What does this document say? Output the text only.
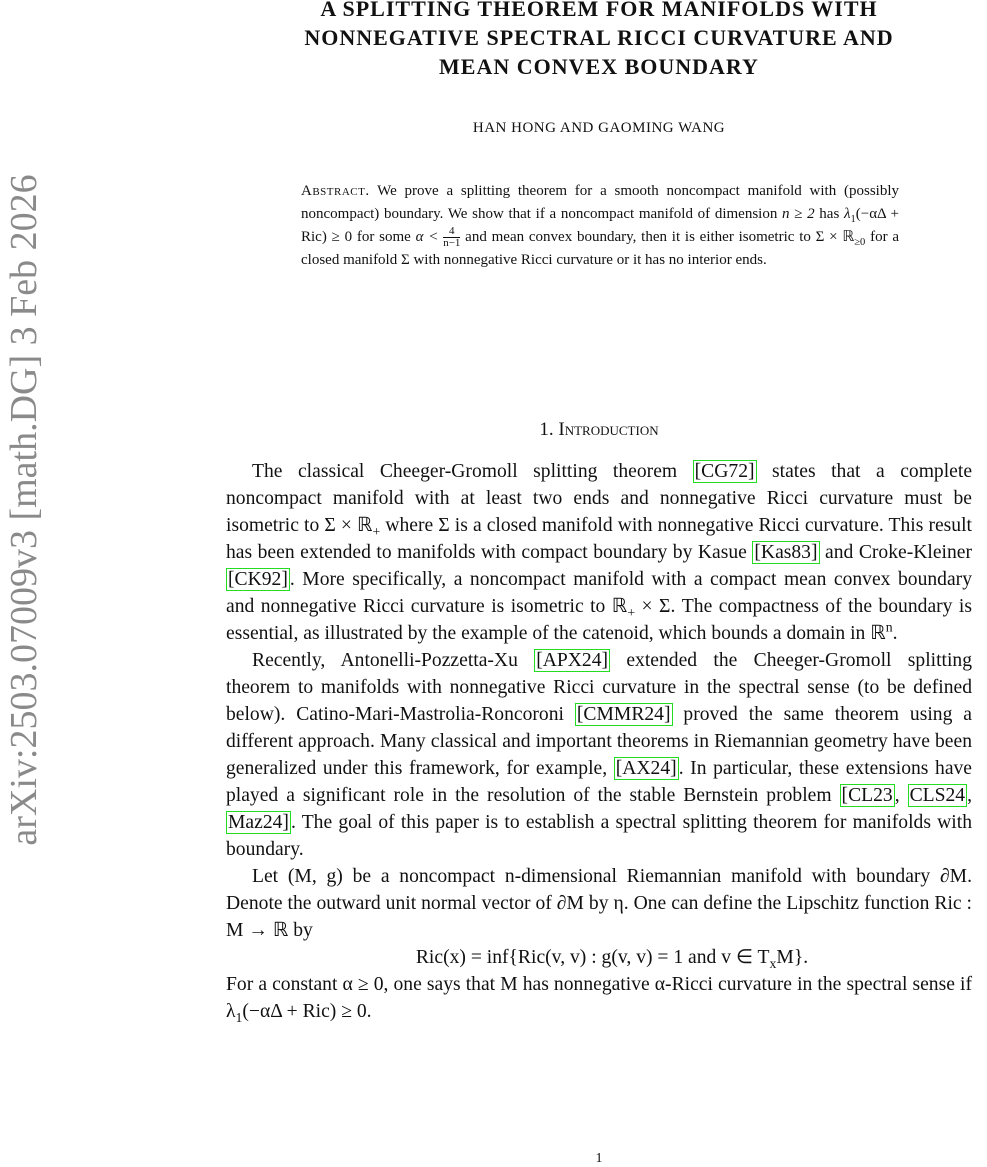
arXiv:2503.07009v3 [math.DG] 3 Feb 2026
A SPLITTING THEOREM FOR MANIFOLDS WITH
NONNEGATIVE SPECTRAL RICCI CURVATURE AND
MEAN CONVEX BOUNDARY
HAN HONG AND GAOMING WANG
Abstract. We prove a splitting theorem for a smooth noncompact manifold with (possibly noncompact) boundary. We show that if a noncompact manifold of dimension n ≥ 2 has $\lambda_1(-\alpha\Delta + Ric) \ge 0$ for some $\alpha < \frac{4}{n-1}$ and mean convex boundary, then it is either isometric to Σ × ℝ$_{\ge 0}$ for a closed manifold Σ with nonnegative Ricci curvature or it has no interior ends.
1. Introduction

The classical Cheeger-Gromoll splitting theorem [CG72] states that a complete noncompact manifold with at least two ends and nonnegative Ricci curvature must be isometric to Σ × ℝ$_+$ where Σ is a closed manifold with nonnegative Ricci curvature. This result has been extended to manifolds with compact boundary by Kasue [Kas83] and Croke-Kleiner [CK92] . More specifically, a noncompact manifold with a compact mean convex boundary and nonnegative Ricci curvature is isometric to ℝ$_+$ × Σ. The compactness of the boundary is essential, as illustrated by the example of the catenoid, which bounds a domain in ℝ$^n$.

Recently, Antonelli-Pozzetta-Xu [APX24] extended the Cheeger-Gromoll splitting theorem to manifolds with nonnegative Ricci curvature in the spectral sense (to be defined below). Catino-Mari-Mastrolia-Roncoroni [CMMR24] proved the same theorem using a different approach. Many classical and important theorems in Riemannian geometry have been generalized under this framework, for example, [AX24] . In particular, these extensions have played a significant role in the resolution of the stable Bernstein problem [CL23 , CLS24 , Maz24] . The goal of this paper is to establish a spectral splitting theorem for manifolds with boundary.

Let (M, g) be a noncompact n-dimensional Riemannian manifold with boundary ∂M. Denote the outward unit normal vector of ∂M by η. One can define the Lipschitz function Ric : M → ℝ by

Ric(x) = inf{Ric(v, v) : g(v, v) = 1 and v ∈ $T_xM$}.

For a constant α ≥ 0, one says that M has nonnegative α-Ricci curvature in the spectral sense if $\lambda_1(-\alpha\Delta + Ric) \ge 0$.

1
